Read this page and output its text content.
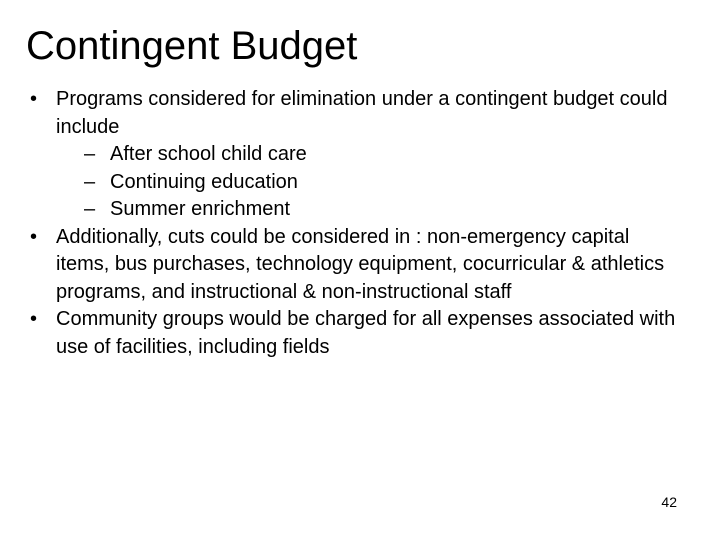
Contingent Budget
• Programs considered for elimination under a contingent budget could include
– After school child care
– Continuing education
– Summer enrichment
• Additionally, cuts could be considered in : non-emergency capital items, bus purchases, technology equipment, cocurricular & athletics programs, and instructional & non-instructional staff
• Community groups would be charged for all expenses associated with use of facilities, including fields
42
